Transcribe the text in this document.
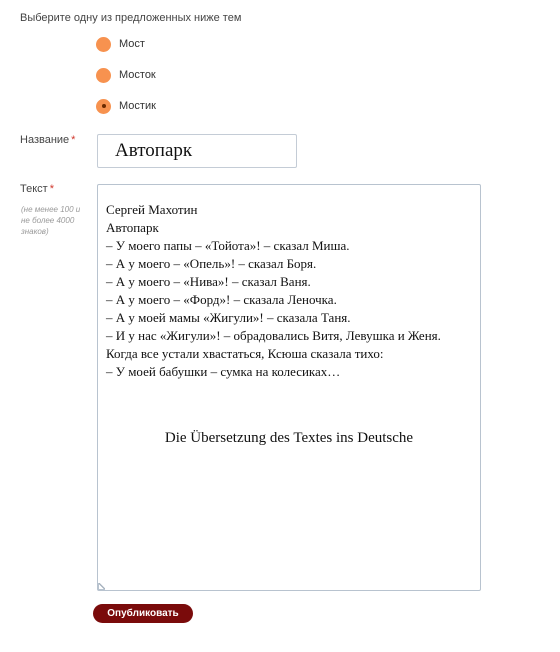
Выберите одну из предложенных ниже тем
Мост
Мосток
Мостик
Название *
Автопарк
Текст *
(не менее 100 и не более 4000 знаков)
Сергей Махотин
Автопарк
– У моего папы – «Тойота»! – сказал Миша.
– А у моего – «Опель»! – сказал Боря.
– А у моего – «Нива»! – сказал Ваня.
– А у моего – «Форд»! – сказала Леночка.
– А у моей мамы «Жигули»! – сказала Таня.
– И у нас «Жигули»! – обрадовались Витя, Левушка и Женя.
Когда все устали хвастаться, Ксюша сказала тихо:
– У моей бабушки – сумка на колесиках…
Die Übersetzung des Textes ins Deutsche
Опубликовать
